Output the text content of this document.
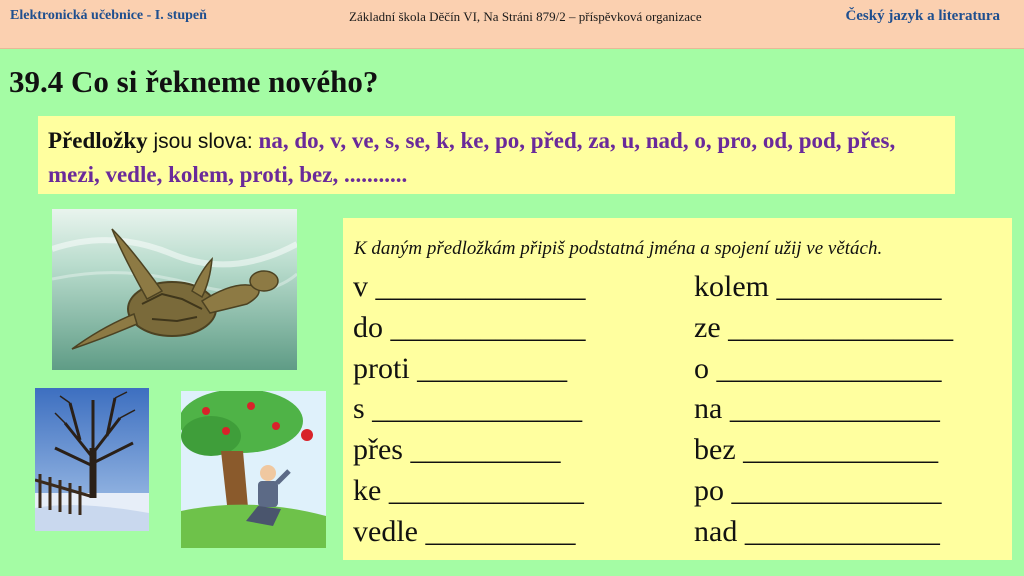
Elektronická učebnice - I. stupeň	Základní škola Děčín VI, Na Stráni 879/2 – příspěvková organizace	Český jazyk a literatura
39.4 Co si řekneme nového?
Předložky jsou slova: na, do, v, ve, s, se, k, ke, po, před, za, u, nad, o, pro, od, pod, přes, mezi, vedle, kolem, proti, bez, ...........
K daným předložkám připiš podstatná jména a spojení užij ve větách.
v ______________
do _____________
proti __________
s ______________
přes __________
ke _____________
vedle __________
kolem ___________
ze _______________
o _______________
na ______________
bez _____________
po ______________
nad _____________
